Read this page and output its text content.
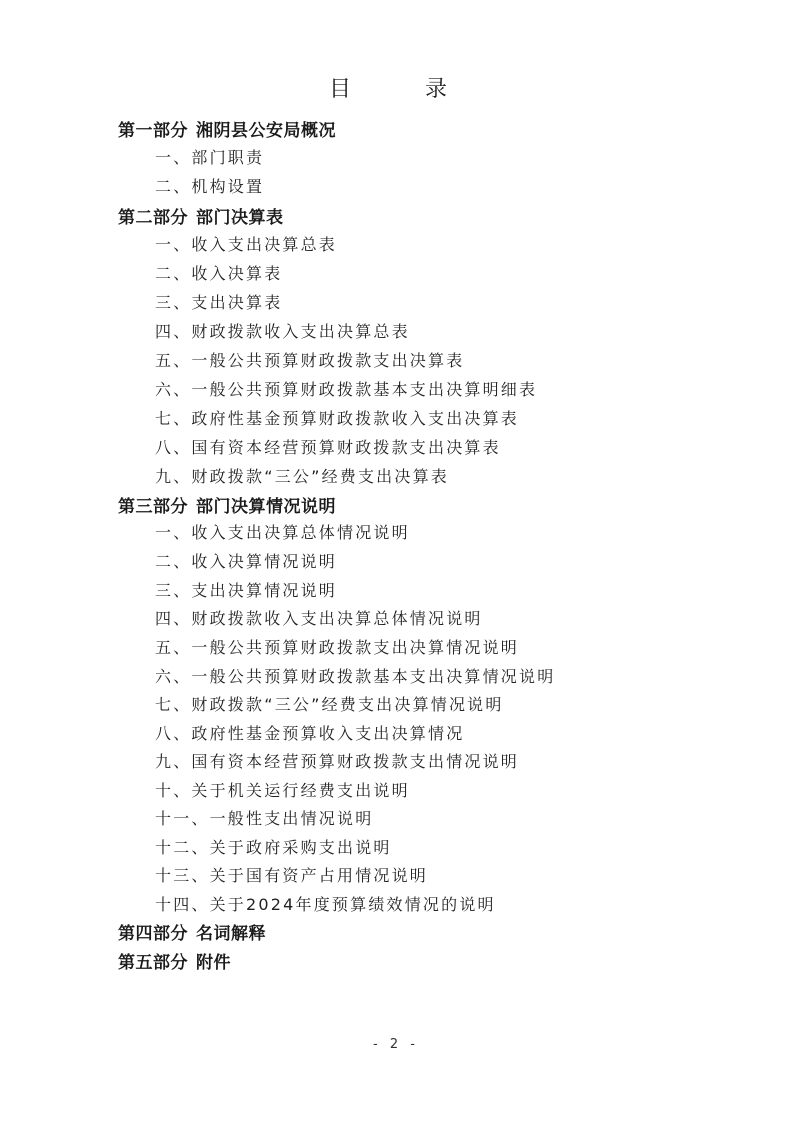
目　录
第一部分 湘阴县公安局概况
一、部门职责
二、机构设置
第二部分 部门决算表
一、收入支出决算总表
二、收入决算表
三、支出决算表
四、财政拨款收入支出决算总表
五、一般公共预算财政拨款支出决算表
六、一般公共预算财政拨款基本支出决算明细表
七、政府性基金预算财政拨款收入支出决算表
八、国有资本经营预算财政拨款支出决算表
九、财政拨款“三公”经费支出决算表
第三部分 部门决算情况说明
一、收入支出决算总体情况说明
二、收入决算情况说明
三、支出决算情况说明
四、财政拨款收入支出决算总体情况说明
五、一般公共预算财政拨款支出决算情况说明
六、一般公共预算财政拨款基本支出决算情况说明
七、财政拨款“三公”经费支出决算情况说明
八、政府性基金预算收入支出决算情况
九、国有资本经营预算财政拨款支出情况说明
十、关于机关运行经费支出说明
十一、一般性支出情况说明
十二、关于政府采购支出说明
十三、关于国有资产占用情况说明
十四、关于2024年度预算绩效情况的说明
第四部分 名词解释
第五部分 附件
- 2 -
